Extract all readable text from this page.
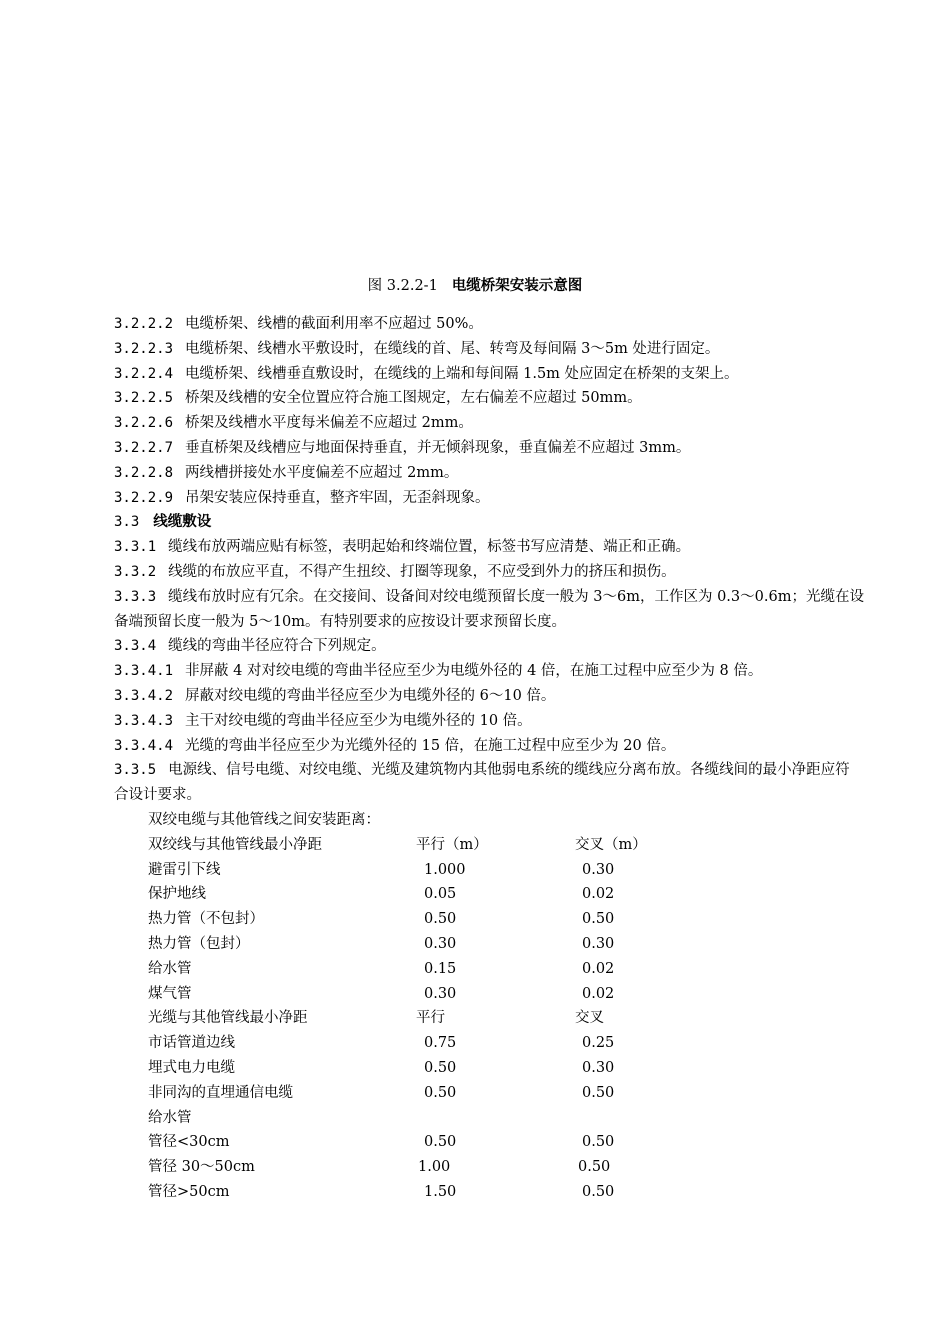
图 3.2.2-1 电缆桥架安装示意图
3.2.2.2 电缆桥架、线槽的截面利用率不应超过 50%。
3.2.2.3 电缆桥架、线槽水平敷设时，在缆线的首、尾、转弯及每间隔 3～5m 处进行固定。
3.2.2.4 电缆桥架、线槽垂直敷设时，在缆线的上端和每间隔 1.5m 处应固定在桥架的支架上。
3.2.2.5 桥架及线槽的安全位置应符合施工图规定，左右偏差不应超过 50mm。
3.2.2.6 桥架及线槽水平度每米偏差不应超过 2mm。
3.2.2.7 垂直桥架及线槽应与地面保持垂直，并无倾斜现象，垂直偏差不应超过 3mm。
3.2.2.8 两线槽拼接处水平度偏差不应超过 2mm。
3.2.2.9 吊架安装应保持垂直，整齐牢固，无歪斜现象。
3.3 线缆敷设
3.3.1 缆线布放两端应贴有标签，表明起始和终端位置，标签书写应清楚、端正和正确。
3.3.2 线缆的布放应平直，不得产生扭绞、打圈等现象，不应受到外力的挤压和损伤。
3.3.3 缆线布放时应有冗余。在交接间、设备间对绞电缆预留长度一般为 3～6m，工作区为 0.3～0.6m；光缆在设备端预留长度一般为 5～10m。有特别要求的应按设计要求预留长度。
3.3.4 缆线的弯曲半径应符合下列规定。
3.3.4.1 非屏蔽 4 对对绞电缆的弯曲半径应至少为电缆外径的 4 倍，在施工过程中应至少为 8 倍。
3.3.4.2 屏蔽对绞电缆的弯曲半径应至少为电缆外径的 6～10 倍。
3.3.4.3 主干对绞电缆的弯曲半径应至少为电缆外径的 10 倍。
3.3.4.4 光缆的弯曲半径应至少为光缆外径的 15 倍，在施工过程中应至少为 20 倍。
3.3.5 电源线、信号电缆、对绞电缆、光缆及建筑物内其他弱电系统的缆线应分离布放。各缆线间的最小净距应符合设计要求。
双绞电缆与其他管线之间安装距离：
双绞线与其他管线最小净距	平行（m）	交叉（m）
避雷引下线	1.000	0.30
保护地线	0.05	0.02
热力管（不包封）	0.50	0.50
热力管（包封）	0.30	0.30
给水管	0.15	0.02
煤气管	0.30	0.02
光缆与其他管线最小净距	平行	交叉
市话管道边线	0.75	0.25
埋式电力电缆	0.50	0.30
非同沟的直埋通信电缆	0.50	0.50
给水管
管径<30cm	0.50	0.50
管径 30～50cm	1.00	0.50
管径>50cm	1.50	0.50
